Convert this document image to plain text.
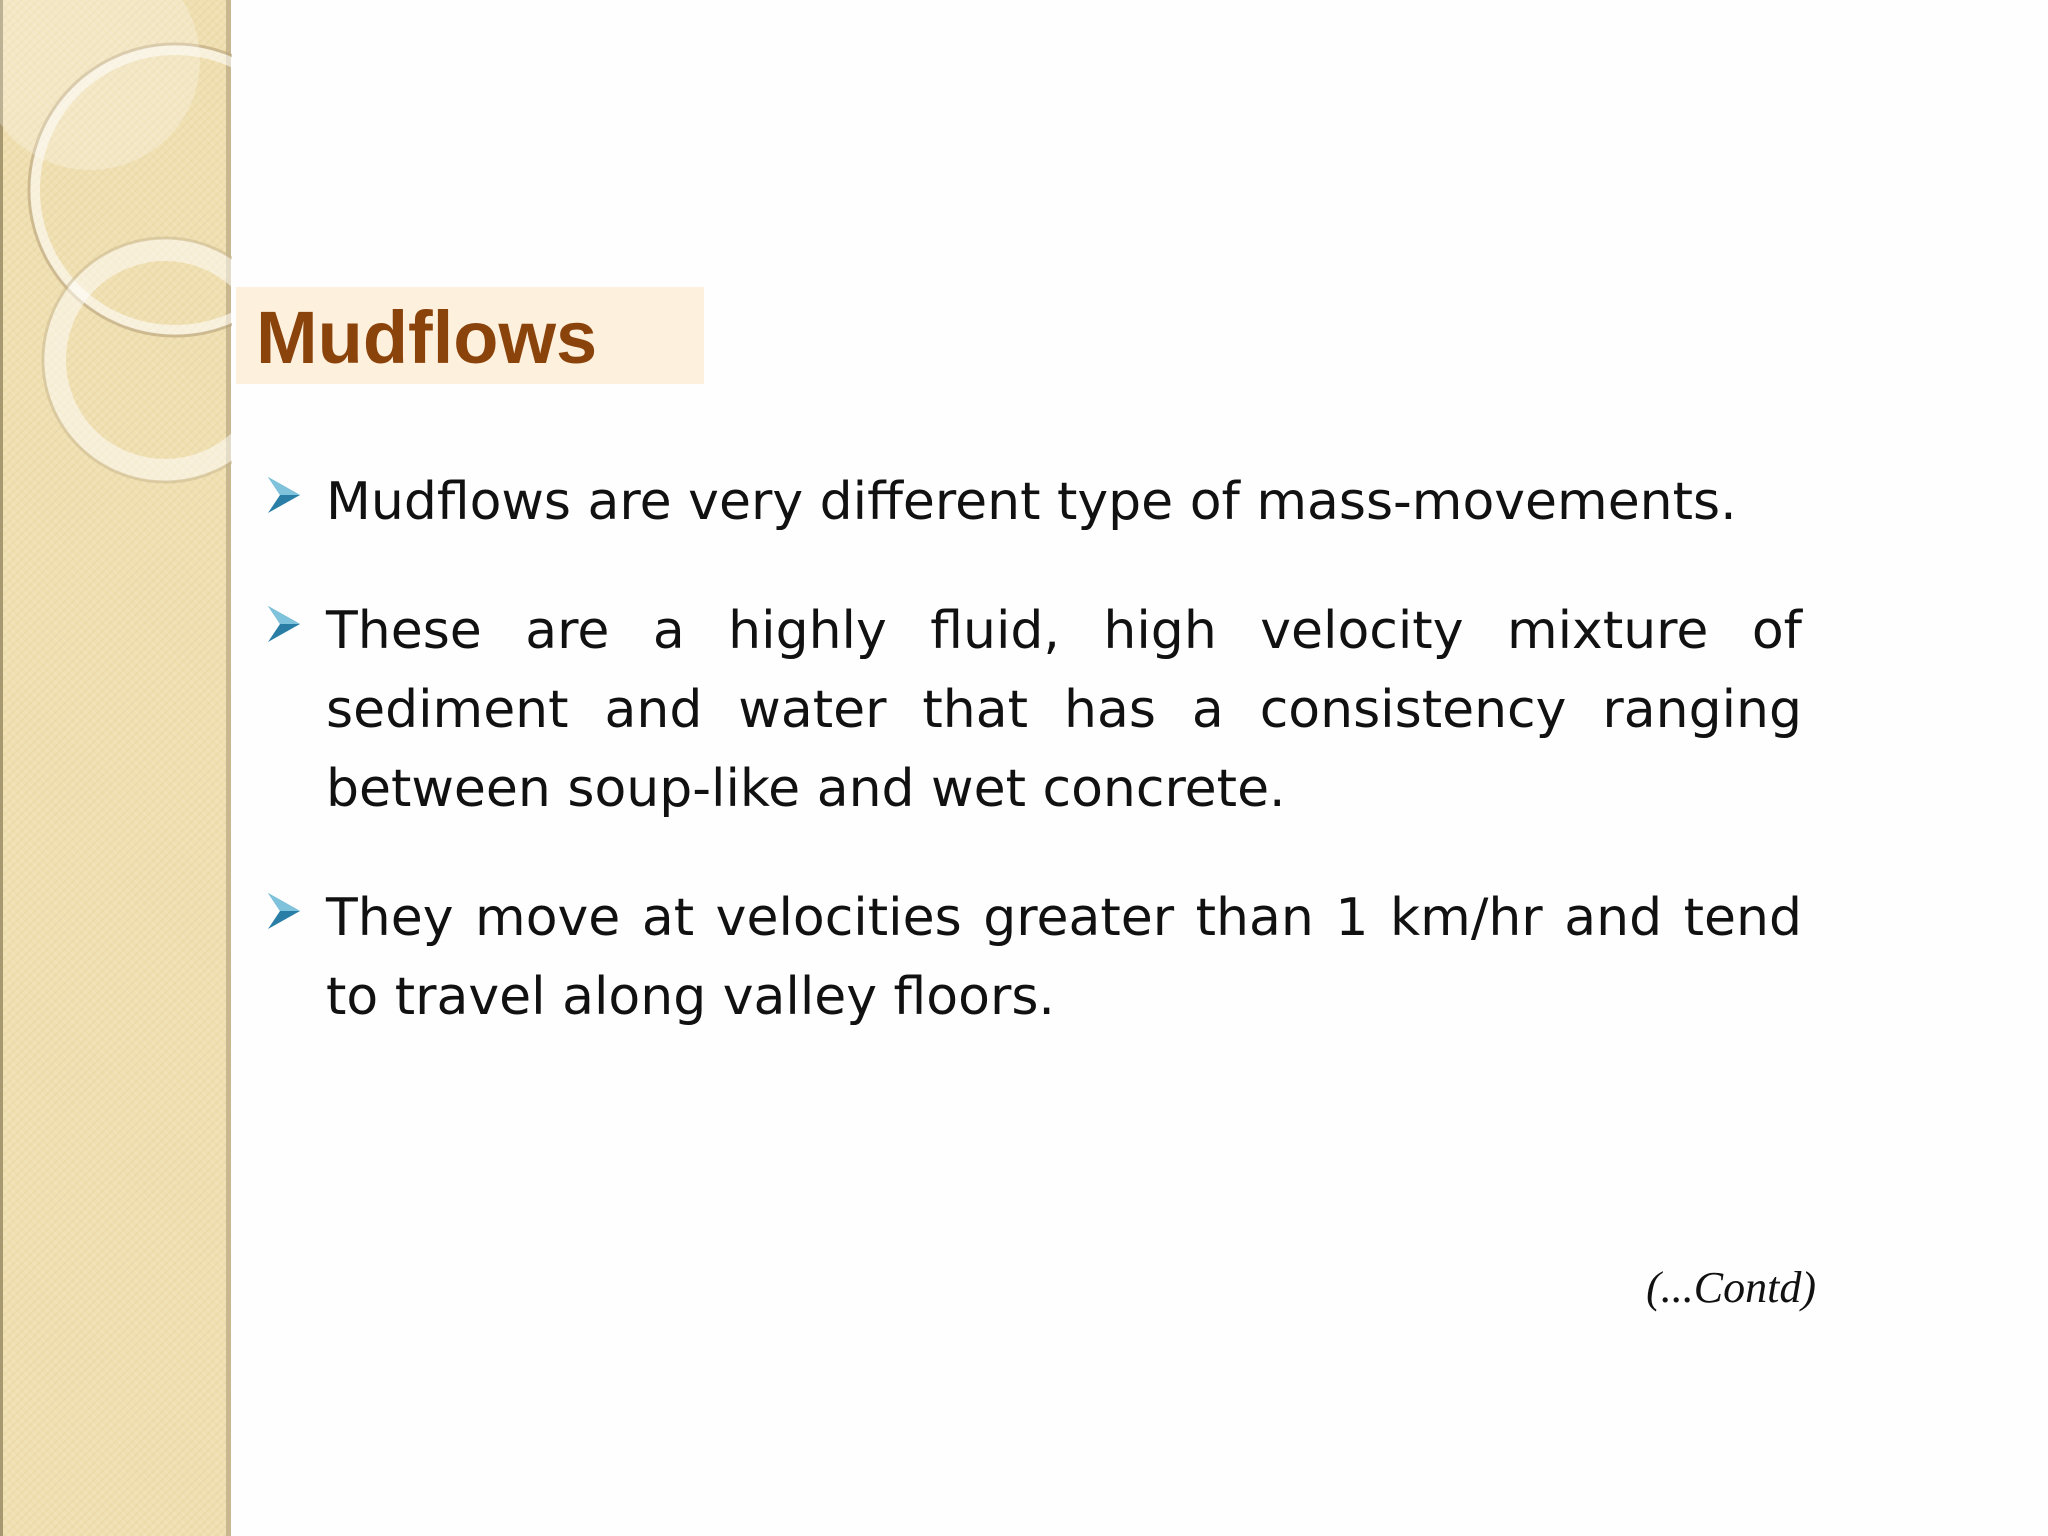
Mudflows
Mudflows are very different type of mass-movements.
These are a highly fluid, high velocity mixture of sediment and water that has a consistency ranging between soup-like and wet concrete.
They move at velocities greater than 1 km/hr and tend to travel along valley floors.
(...Contd)
